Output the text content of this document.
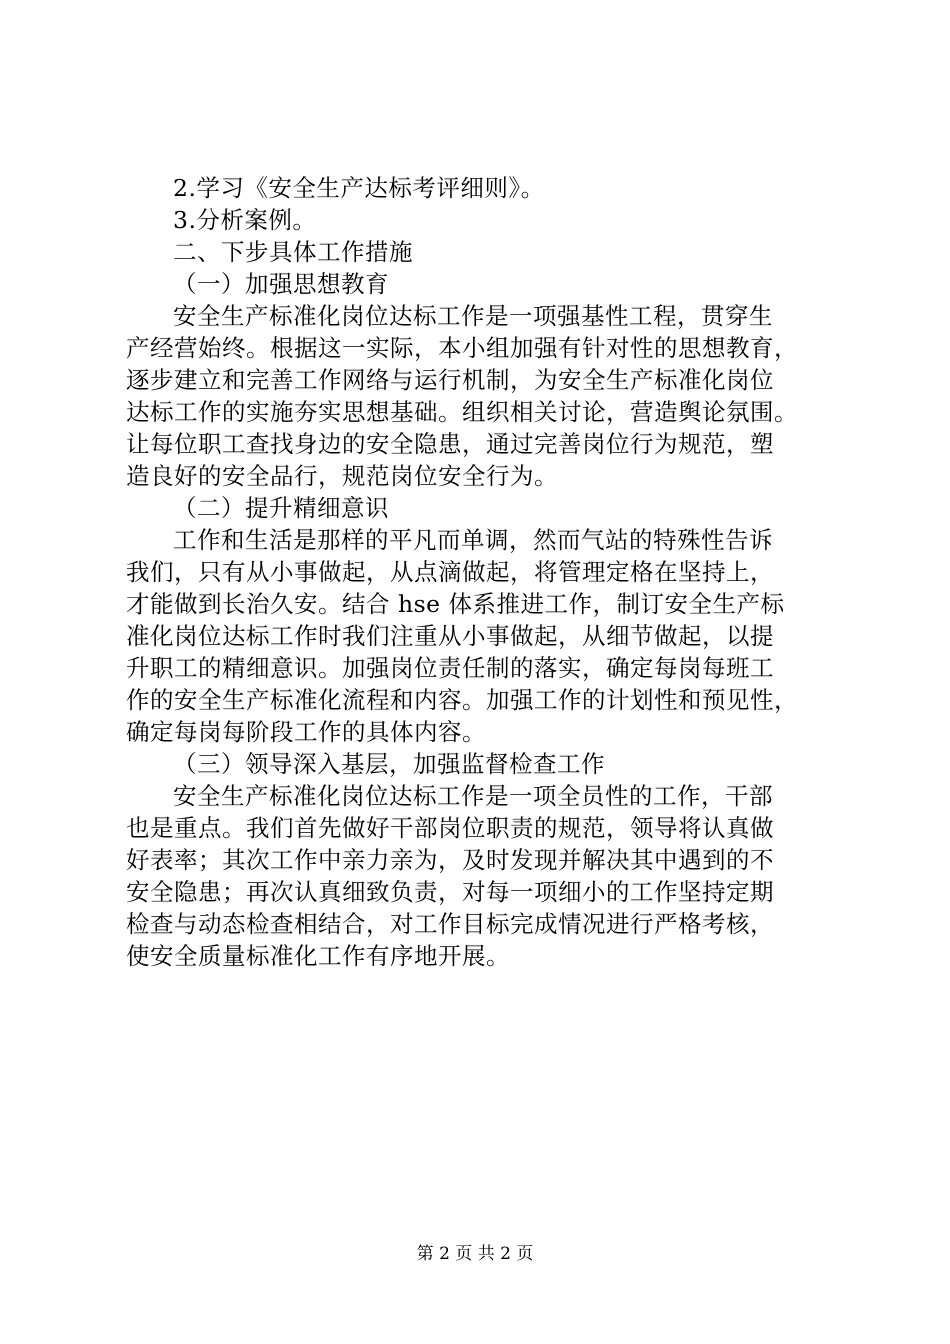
2.学习《安全生产达标考评细则》。
3.分析案例。
二、下步具体工作措施
（一）加强思想教育
安全生产标准化岗位达标工作是一项强基性工程，贯穿生
产经营始终。根据这一实际，本小组加强有针对性的思想教育，
逐步建立和完善工作网络与运行机制，为安全生产标准化岗位
达标工作的实施夯实思想基础。组织相关讨论，营造舆论氛围。
让每位职工查找身边的安全隐患，通过完善岗位行为规范，塑
造良好的安全品行，规范岗位安全行为。
（二）提升精细意识
工作和生活是那样的平凡而单调，然而气站的特殊性告诉
我们，只有从小事做起，从点滴做起，将管理定格在坚持上，
才能做到长治久安。结合 hse 体系推进工作，制订安全生产标
准化岗位达标工作时我们注重从小事做起，从细节做起，以提
升职工的精细意识。加强岗位责任制的落实，确定每岗每班工
作的安全生产标准化流程和内容。加强工作的计划性和预见性，
确定每岗每阶段工作的具体内容。
（三）领导深入基层，加强监督检查工作
安全生产标准化岗位达标工作是一项全员性的工作，干部
也是重点。我们首先做好干部岗位职责的规范，领导将认真做
好表率；其次工作中亲力亲为，及时发现并解决其中遇到的不
安全隐患；再次认真细致负责，对每一项细小的工作坚持定期
检查与动态检查相结合，对工作目标完成情况进行严格考核，
使安全质量标准化工作有序地开展。
第 2 页 共 2 页
